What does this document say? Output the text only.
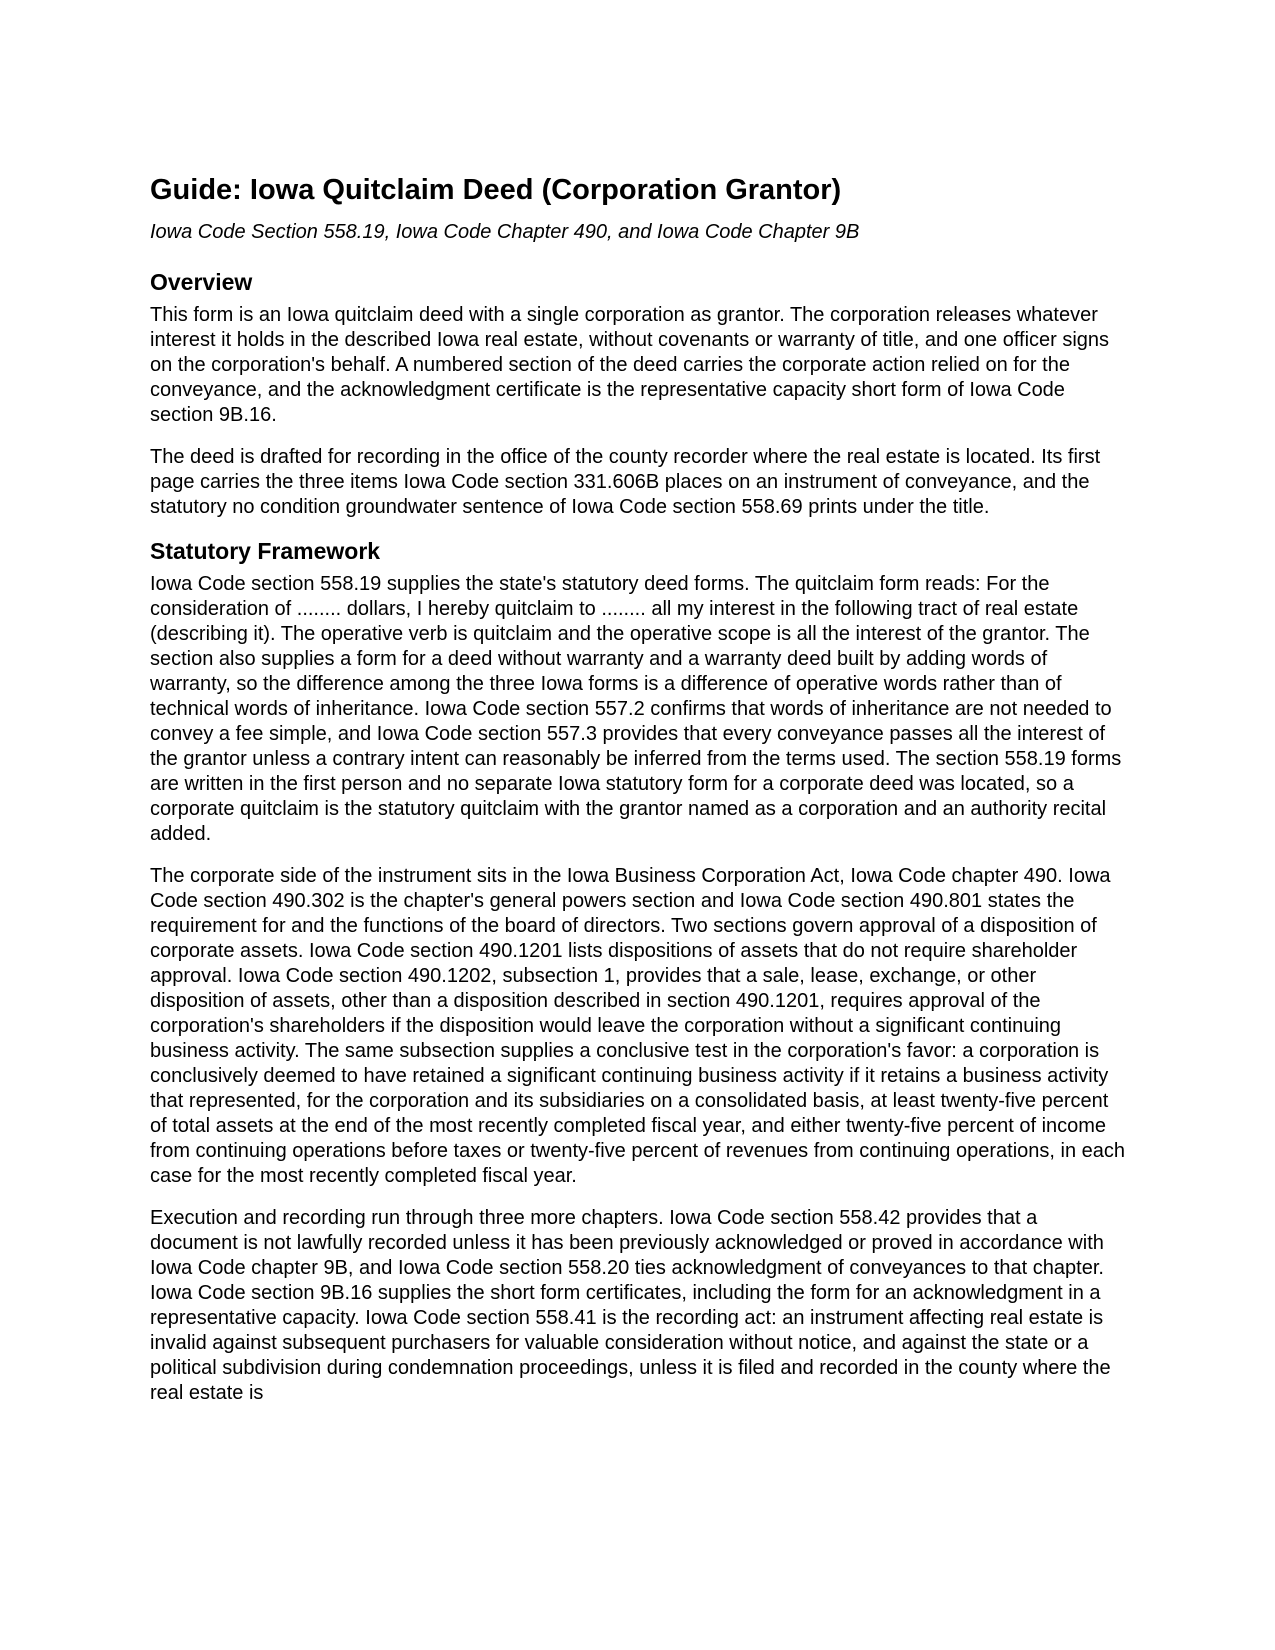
Guide: Iowa Quitclaim Deed (Corporation Grantor)

Iowa Code Section 558.19, Iowa Code Chapter 490, and Iowa Code Chapter 9B

Overview

This form is an Iowa quitclaim deed with a single corporation as grantor. The corporation releases whatever interest it holds in the described Iowa real estate, without covenants or warranty of title, and one officer signs on the corporation's behalf. A numbered section of the deed carries the corporate action relied on for the conveyance, and the acknowledgment certificate is the representative capacity short form of Iowa Code section 9B.16.

The deed is drafted for recording in the office of the county recorder where the real estate is located. Its first page carries the three items Iowa Code section 331.606B places on an instrument of conveyance, and the statutory no condition groundwater sentence of Iowa Code section 558.69 prints under the title.

Statutory Framework

Iowa Code section 558.19 supplies the state's statutory deed forms. The quitclaim form reads: For the consideration of ........ dollars, I hereby quitclaim to ........ all my interest in the following tract of real estate (describing it). The operative verb is quitclaim and the operative scope is all the interest of the grantor. The section also supplies a form for a deed without warranty and a warranty deed built by adding words of warranty, so the difference among the three Iowa forms is a difference of operative words rather than of technical words of inheritance. Iowa Code section 557.2 confirms that words of inheritance are not needed to convey a fee simple, and Iowa Code section 557.3 provides that every conveyance passes all the interest of the grantor unless a contrary intent can reasonably be inferred from the terms used. The section 558.19 forms are written in the first person and no separate Iowa statutory form for a corporate deed was located, so a corporate quitclaim is the statutory quitclaim with the grantor named as a corporation and an authority recital added.

The corporate side of the instrument sits in the Iowa Business Corporation Act, Iowa Code chapter 490. Iowa Code section 490.302 is the chapter's general powers section and Iowa Code section 490.801 states the requirement for and the functions of the board of directors. Two sections govern approval of a disposition of corporate assets. Iowa Code section 490.1201 lists dispositions of assets that do not require shareholder approval. Iowa Code section 490.1202, subsection 1, provides that a sale, lease, exchange, or other disposition of assets, other than a disposition described in section 490.1201, requires approval of the corporation's shareholders if the disposition would leave the corporation without a significant continuing business activity. The same subsection supplies a conclusive test in the corporation's favor: a corporation is conclusively deemed to have retained a significant continuing business activity if it retains a business activity that represented, for the corporation and its subsidiaries on a consolidated basis, at least twenty-five percent of total assets at the end of the most recently completed fiscal year, and either twenty-five percent of income from continuing operations before taxes or twenty-five percent of revenues from continuing operations, in each case for the most recently completed fiscal year.

Execution and recording run through three more chapters. Iowa Code section 558.42 provides that a document is not lawfully recorded unless it has been previously acknowledged or proved in accordance with Iowa Code chapter 9B, and Iowa Code section 558.20 ties acknowledgment of conveyances to that chapter. Iowa Code section 9B.16 supplies the short form certificates, including the form for an acknowledgment in a representative capacity. Iowa Code section 558.41 is the recording act: an instrument affecting real estate is invalid against subsequent purchasers for valuable consideration without notice, and against the state or a political subdivision during condemnation proceedings, unless it is filed and recorded in the county where the real estate is
